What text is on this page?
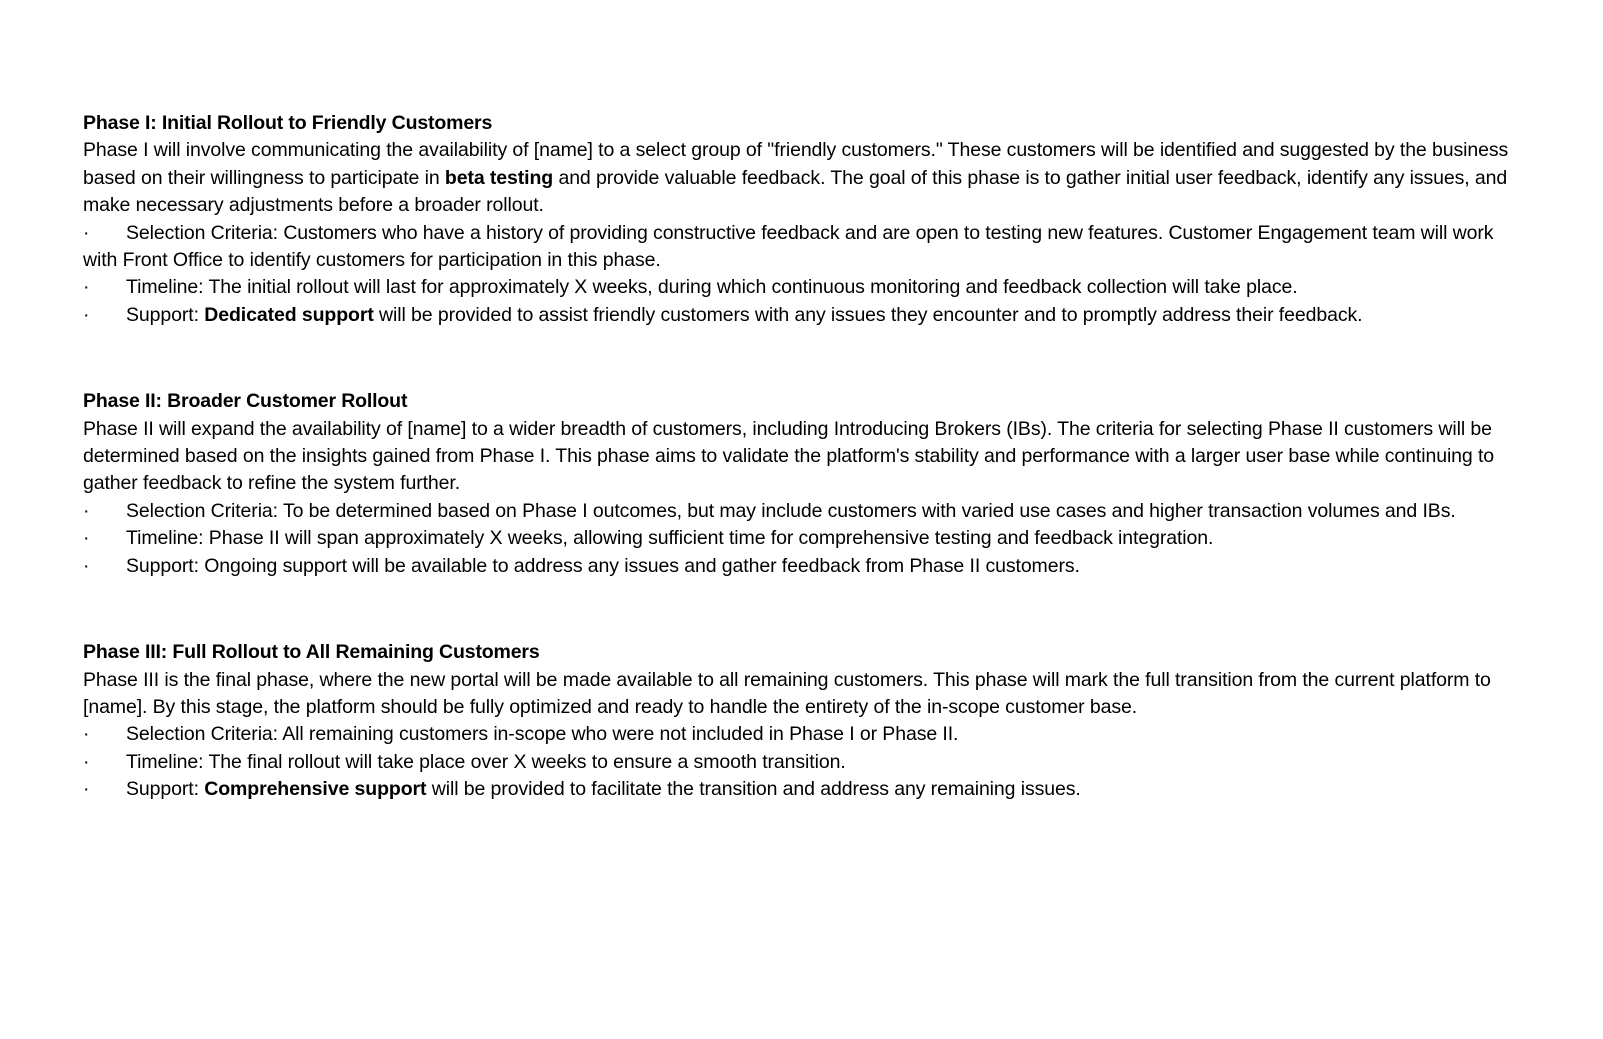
Phase I: Initial Rollout to Friendly Customers

Phase I will involve communicating the availability of [name] to a select group of "friendly customers." These customers will be identified and suggested by the business based on their willingness to participate in beta testing and provide valuable feedback. The goal of this phase is to gather initial user feedback, identify any issues, and make necessary adjustments before a broader rollout.

· Selection Criteria: Customers who have a history of providing constructive feedback and are open to testing new features. Customer Engagement team will work with Front Office to identify customers for participation in this phase.
· Timeline: The initial rollout will last for approximately X weeks, during which continuous monitoring and feedback collection will take place.
· Support: Dedicated support will be provided to assist friendly customers with any issues they encounter and to promptly address their feedback.
Phase II: Broader Customer Rollout

Phase II will expand the availability of [name] to a wider breadth of customers, including Introducing Brokers (IBs). The criteria for selecting Phase II customers will be determined based on the insights gained from Phase I. This phase aims to validate the platform's stability and performance with a larger user base while continuing to gather feedback to refine the system further.

· Selection Criteria: To be determined based on Phase I outcomes, but may include customers with varied use cases and higher transaction volumes and IBs.
· Timeline: Phase II will span approximately X weeks, allowing sufficient time for comprehensive testing and feedback integration.
· Support: Ongoing support will be available to address any issues and gather feedback from Phase II customers.
Phase III: Full Rollout to All Remaining Customers

Phase III is the final phase, where the new portal will be made available to all remaining customers. This phase will mark the full transition from the current platform to [name]. By this stage, the platform should be fully optimized and ready to handle the entirety of the in-scope customer base.

· Selection Criteria: All remaining customers in-scope who were not included in Phase I or Phase II.
· Timeline: The final rollout will take place over X weeks to ensure a smooth transition.
· Support: Comprehensive support will be provided to facilitate the transition and address any remaining issues.
